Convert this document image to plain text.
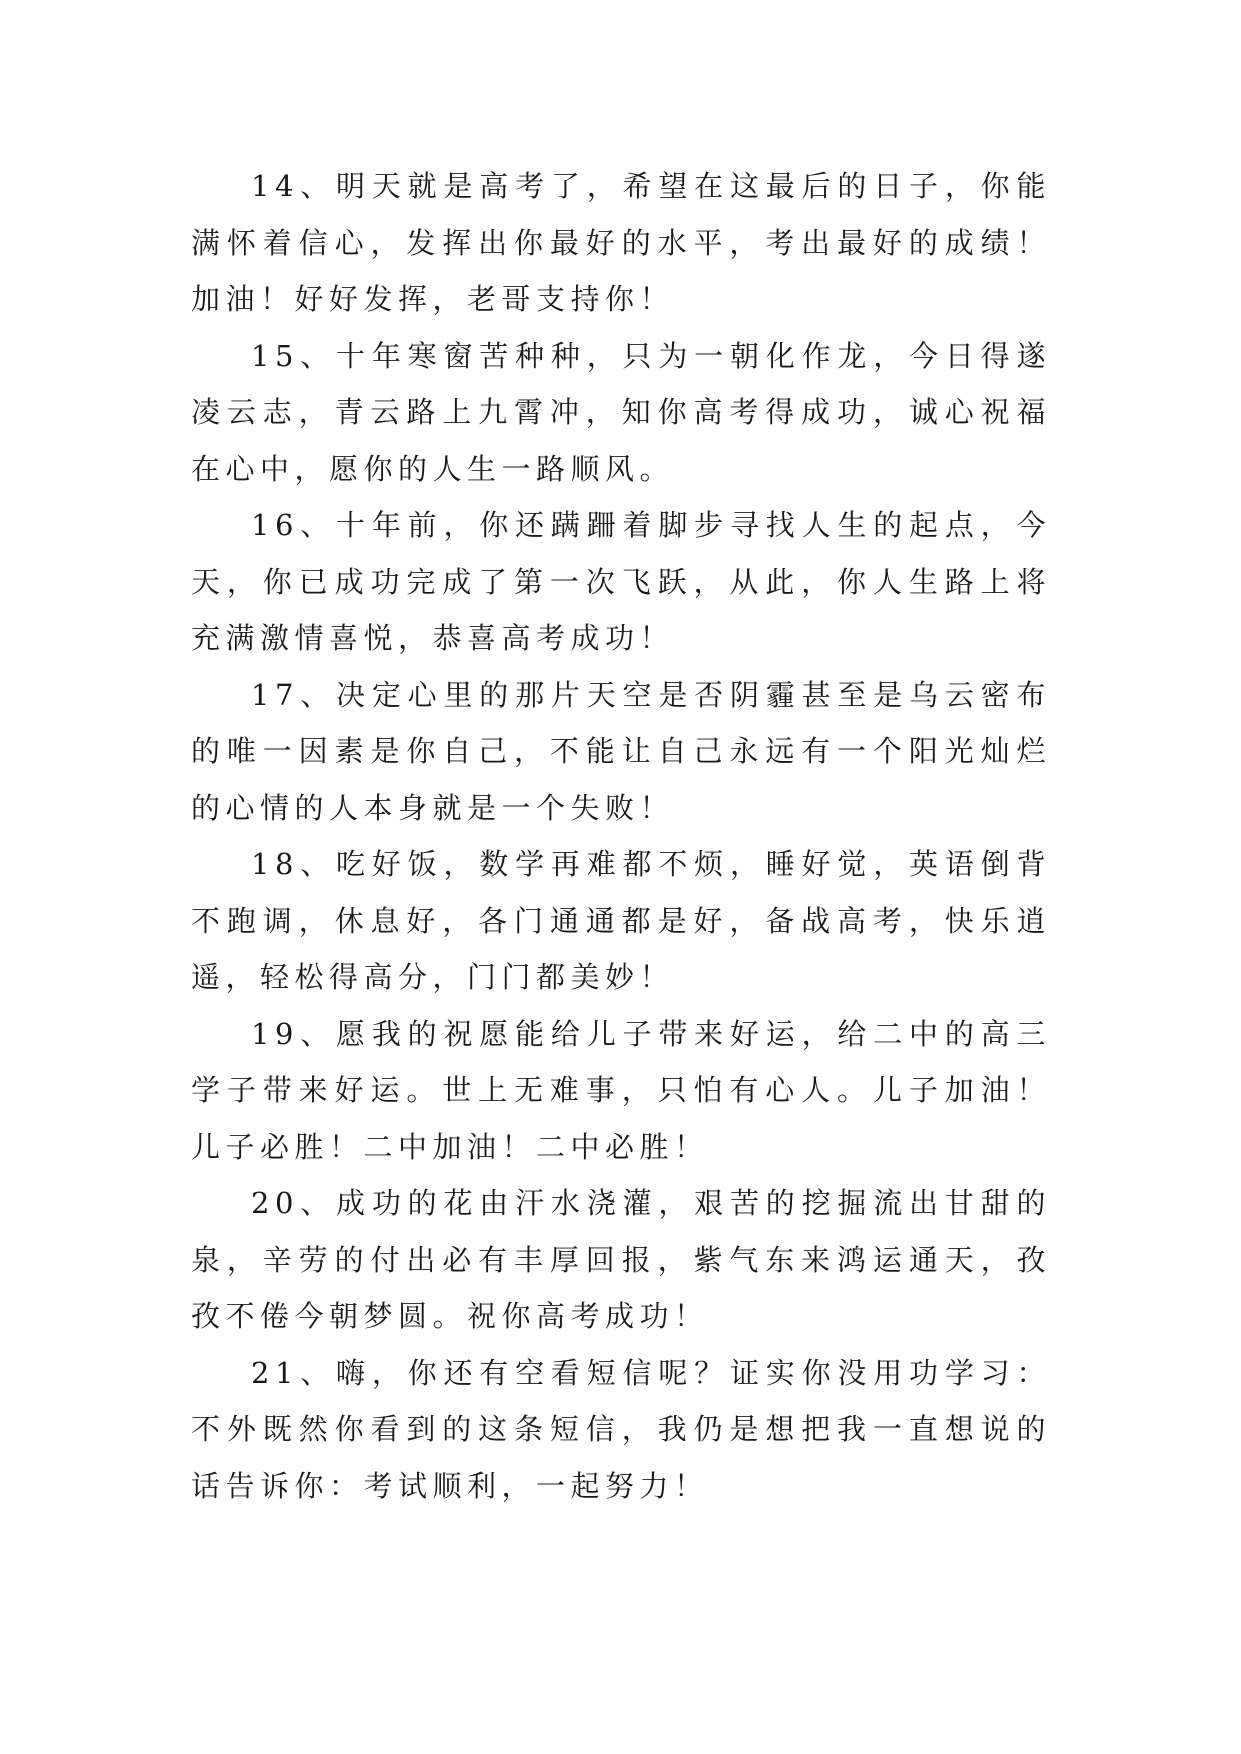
14、明天就是高考了，希望在这最后的日子，你能满怀着信心，发挥出你最好的水平，考出最好的成绩！加油！好好发挥，老哥支持你！

15、十年寒窗苦种种，只为一朝化作龙，今日得遂凌云志，青云路上九霄冲，知你高考得成功，诚心祝福在心中，愿你的人生一路顺风。

16、十年前，你还蹒跚着脚步寻找人生的起点，今天，你已成功完成了第一次飞跃，从此，你人生路上将充满激情喜悦，恭喜高考成功！

17、决定心里的那片天空是否阴霾甚至是乌云密布的唯一因素是你自己，不能让自己永远有一个阳光灿烂的心情的人本身就是一个失败！

18、吃好饭，数学再难都不烦，睡好觉，英语倒背不跑调，休息好，各门通通都是好，备战高考，快乐逍遥，轻松得高分，门门都美妙！

19、愿我的祝愿能给儿子带来好运，给二中的高三学子带来好运。世上无难事，只怕有心人。儿子加油！儿子必胜！二中加油！二中必胜！

20、成功的花由汗水浇灌，艰苦的挖掘流出甘甜的泉，辛劳的付出必有丰厚回报，紫气东来鸿运通天，孜孜不倦今朝梦圆。祝你高考成功！

21、嗨，你还有空看短信呢？证实你没用功学习：不外既然你看到的这条短信，我仍是想把我一直想说的话告诉你：考试顺利，一起努力！
